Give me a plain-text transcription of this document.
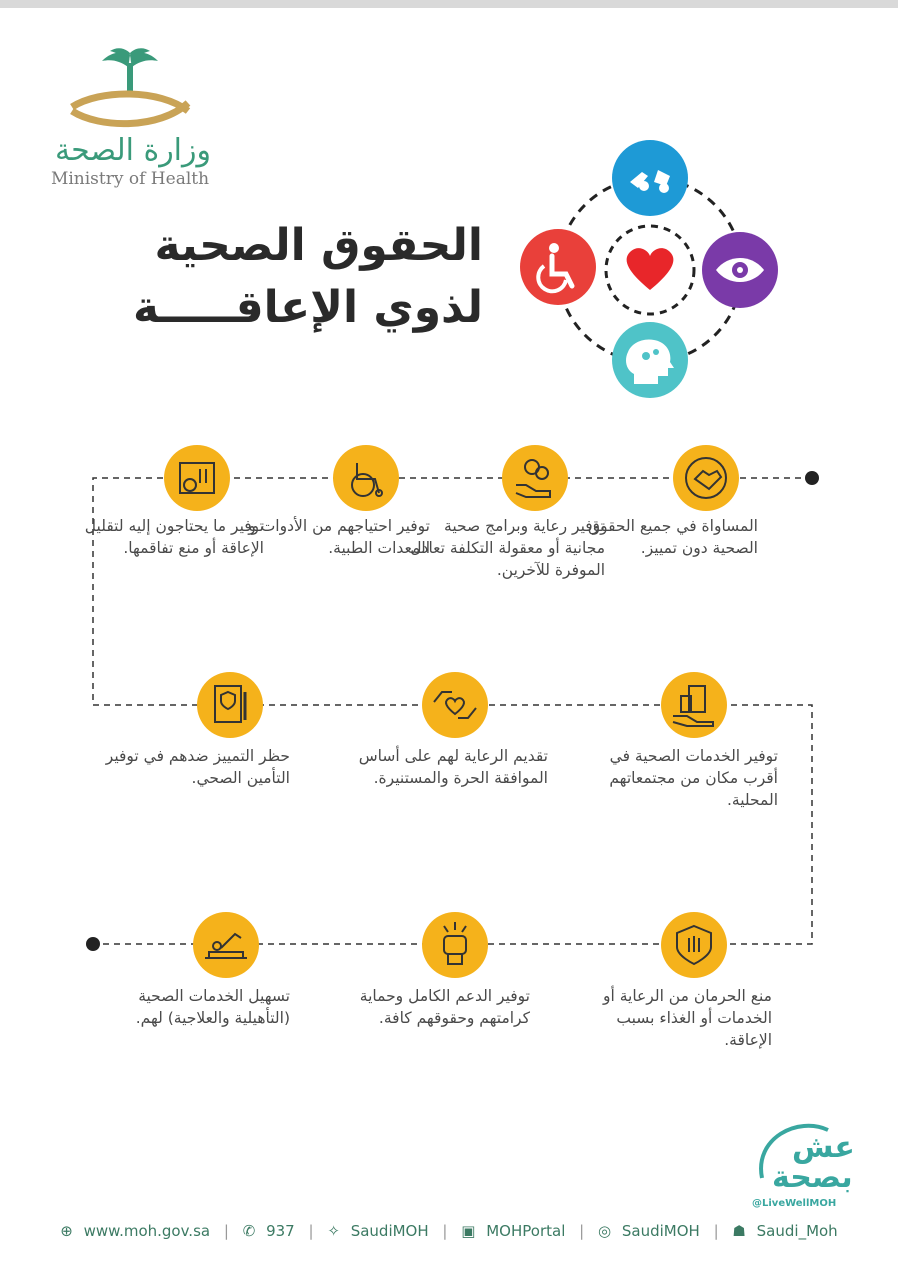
وزارة الصحة
Ministry of Health
الحقوق الصحية
لذوي الإعاقـــــة
المساواة في جميع الحقوق الصحية دون تمييز.
توفير رعاية وبرامج صحية مجانية أو معقولة التكلفة تعادل الموفرة للآخرين.
توفير احتياجهم من الأدوات و المعدات الطبية.
توفير ما يحتاجون إليه لتقليل الإعاقة أو منع تفاقمها.
توفير الخدمات الصحية في أقرب مكان من مجتمعاتهم المحلية.
تقديم الرعاية لهم على أساس الموافقة الحرة والمستنيرة.
حظر التمييز ضدهم في توفير التأمين الصحي.
منع الحرمان من الرعاية أو الخدمات أو الغذاء بسبب الإعاقة.
توفير الدعم الكامل وحماية كرامتهم وحقوقهم كافة.
تسهيل الخدمات الصحية (التأهيلية والعلاجية) لهم.
عش
بصحة
@LiveWellMOH
⊕ www.moh.gov.sa | ✆ 937 | ✧ SaudiMOH | ▣ MOHPortal | ◎ SaudiMOH | ☗ Saudi_Moh
